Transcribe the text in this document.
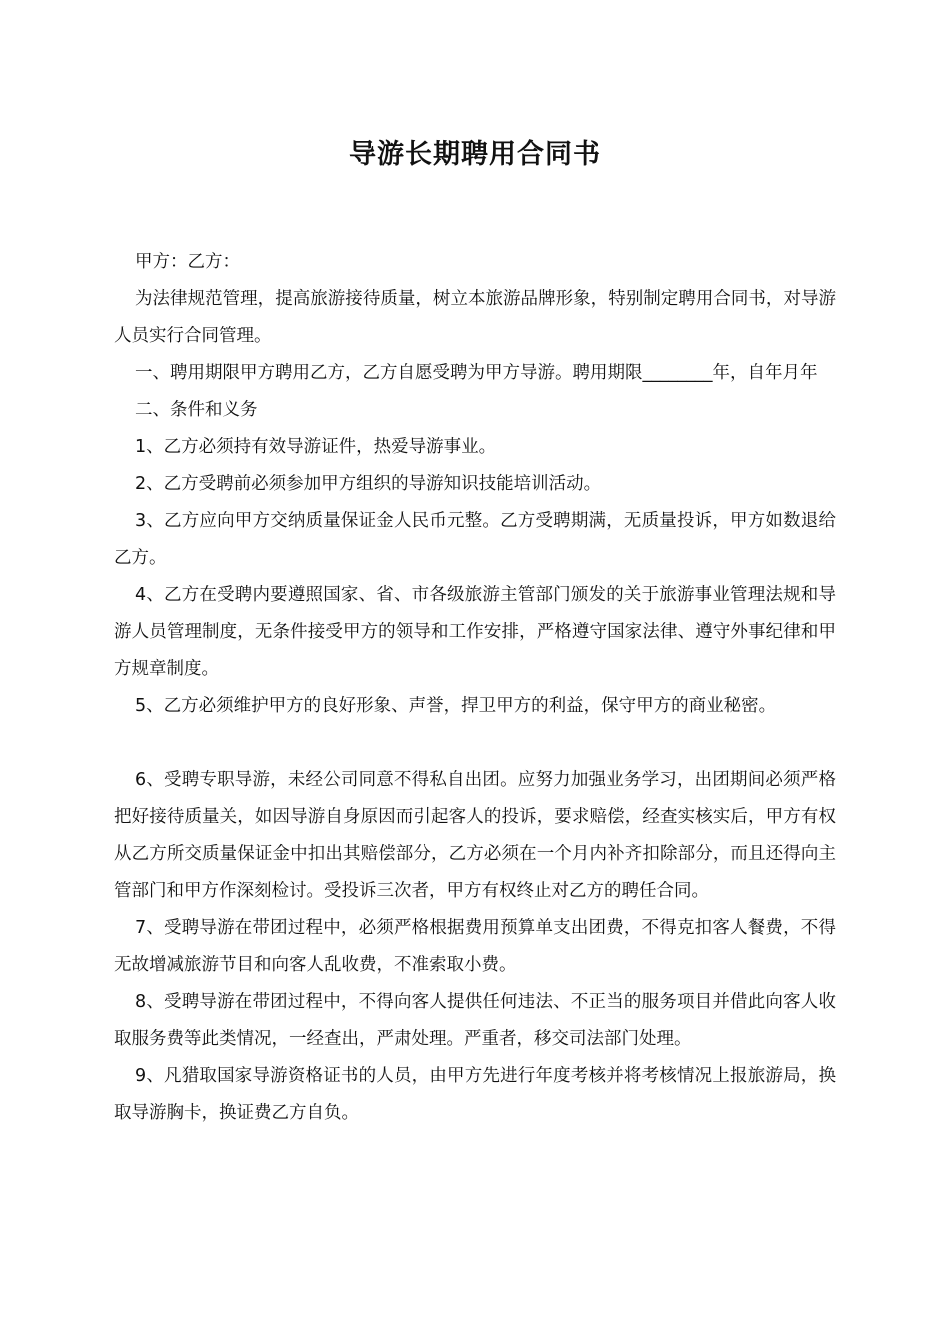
导游长期聘用合同书

甲方：乙方：

为法律规范管理，提高旅游接待质量，树立本旅游品牌形象，特别制定聘用合同书，对导游人员实行合同管理。

一、聘用期限甲方聘用乙方，乙方自愿受聘为甲方导游。聘用期限________年，自年月年

二、条件和义务

1、乙方必须持有效导游证件，热爱导游事业。

2、乙方受聘前必须参加甲方组织的导游知识技能培训活动。

3、乙方应向甲方交纳质量保证金人民币元整。乙方受聘期满，无质量投诉，甲方如数退给乙方。

4、乙方在受聘内要遵照国家、省、市各级旅游主管部门颁发的关于旅游事业管理法规和导游人员管理制度，无条件接受甲方的领导和工作安排，严格遵守国家法律、遵守外事纪律和甲方规章制度。

5、乙方必须维护甲方的良好形象、声誉，捍卫甲方的利益，保守甲方的商业秘密。

6、受聘专职导游，未经公司同意不得私自出团。应努力加强业务学习，出团期间必须严格把好接待质量关，如因导游自身原因而引起客人的投诉，要求赔偿，经查实核实后，甲方有权从乙方所交质量保证金中扣出其赔偿部分，乙方必须在一个月内补齐扣除部分，而且还得向主管部门和甲方作深刻检讨。受投诉三次者，甲方有权终止对乙方的聘任合同。

7、受聘导游在带团过程中，必须严格根据费用预算单支出团费，不得克扣客人餐费，不得无故增减旅游节目和向客人乱收费，不准索取小费。

8、受聘导游在带团过程中，不得向客人提供任何违法、不正当的服务项目并借此向客人收取服务费等此类情况，一经查出，严肃处理。严重者，移交司法部门处理。

9、凡猎取国家导游资格证书的人员，由甲方先进行年度考核并将考核情况上报旅游局，换取导游胸卡，换证费乙方自负。
